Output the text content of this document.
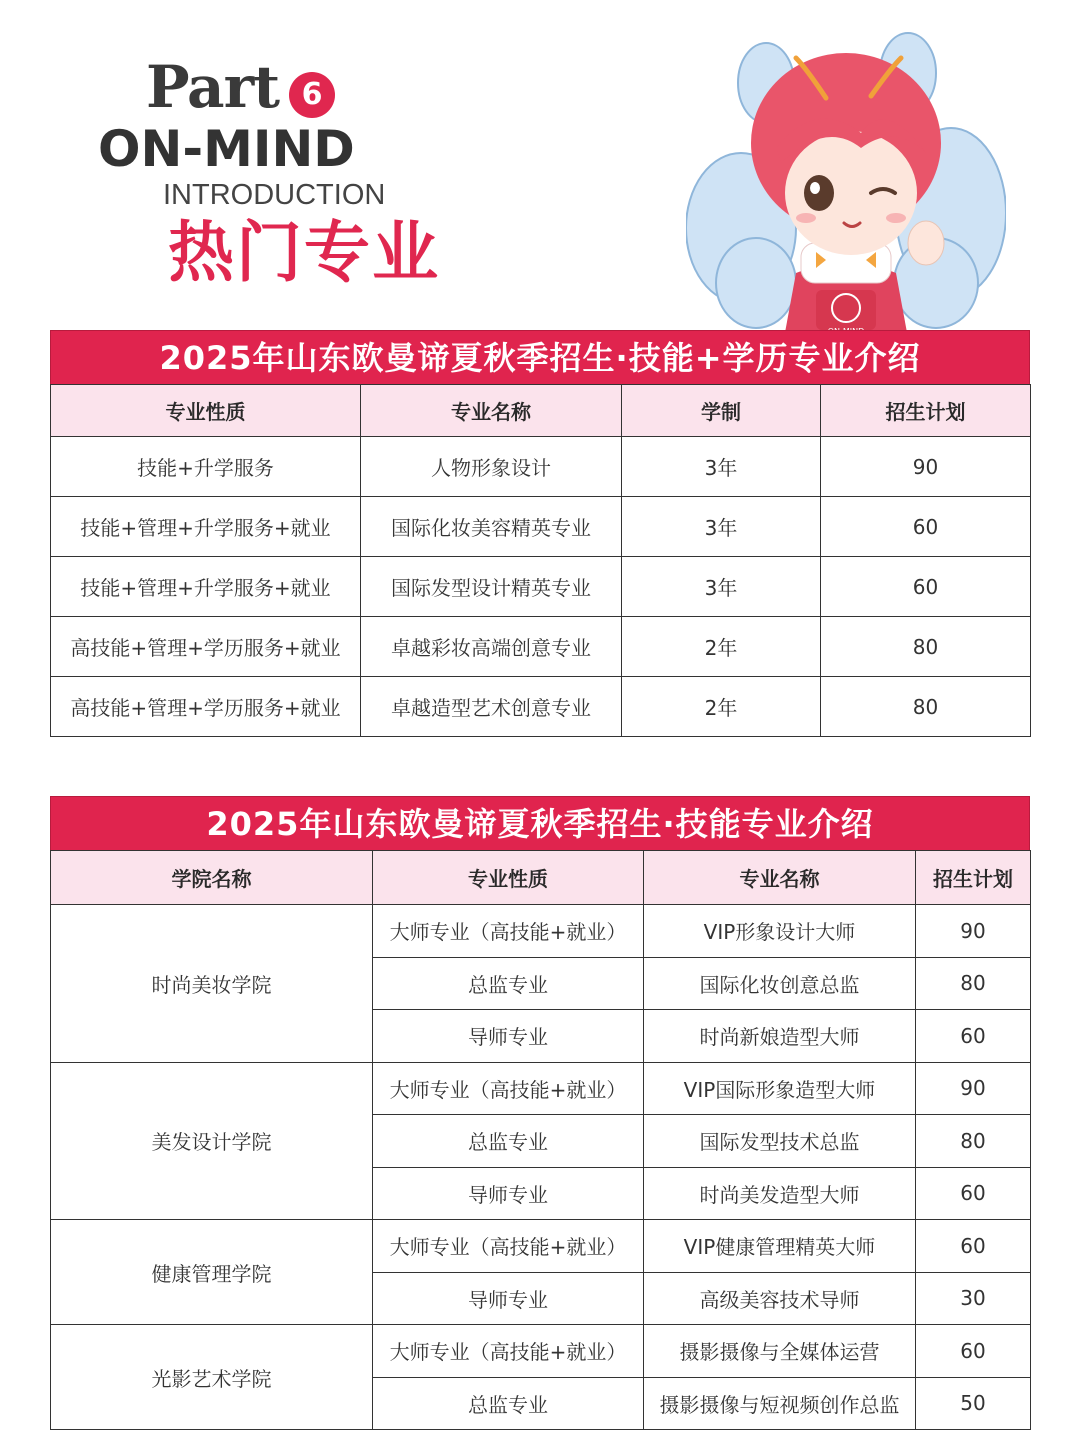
Part 6
ON-MIND
INTRODUCTION
热门专业
2025年山东欧曼谛夏秋季招生·技能+学历专业介绍
专业性质	专业名称	学制	招生计划
技能+升学服务	人物形象设计	3年	90
技能+管理+升学服务+就业	国际化妆美容精英专业	3年	60
技能+管理+升学服务+就业	国际发型设计精英专业	3年	60
高技能+管理+学历服务+就业	卓越彩妆高端创意专业	2年	80
高技能+管理+学历服务+就业	卓越造型艺术创意专业	2年	80
2025年山东欧曼谛夏秋季招生·技能专业介绍
学院名称	专业性质	专业名称	招生计划
时尚美妆学院	大师专业（高技能+就业）	VIP形象设计大师	90
	总监专业	国际化妆创意总监	80
	导师专业	时尚新娘造型大师	60
美发设计学院	大师专业（高技能+就业）	VIP国际形象造型大师	90
	总监专业	国际发型技术总监	80
	导师专业	时尚美发造型大师	60
健康管理学院	大师专业（高技能+就业）	VIP健康管理精英大师	60
	导师专业	高级美容技术导师	30
光影艺术学院	大师专业（高技能+就业）	摄影摄像与全媒体运营	60
	总监专业	摄影摄像与短视频创作总监	50
